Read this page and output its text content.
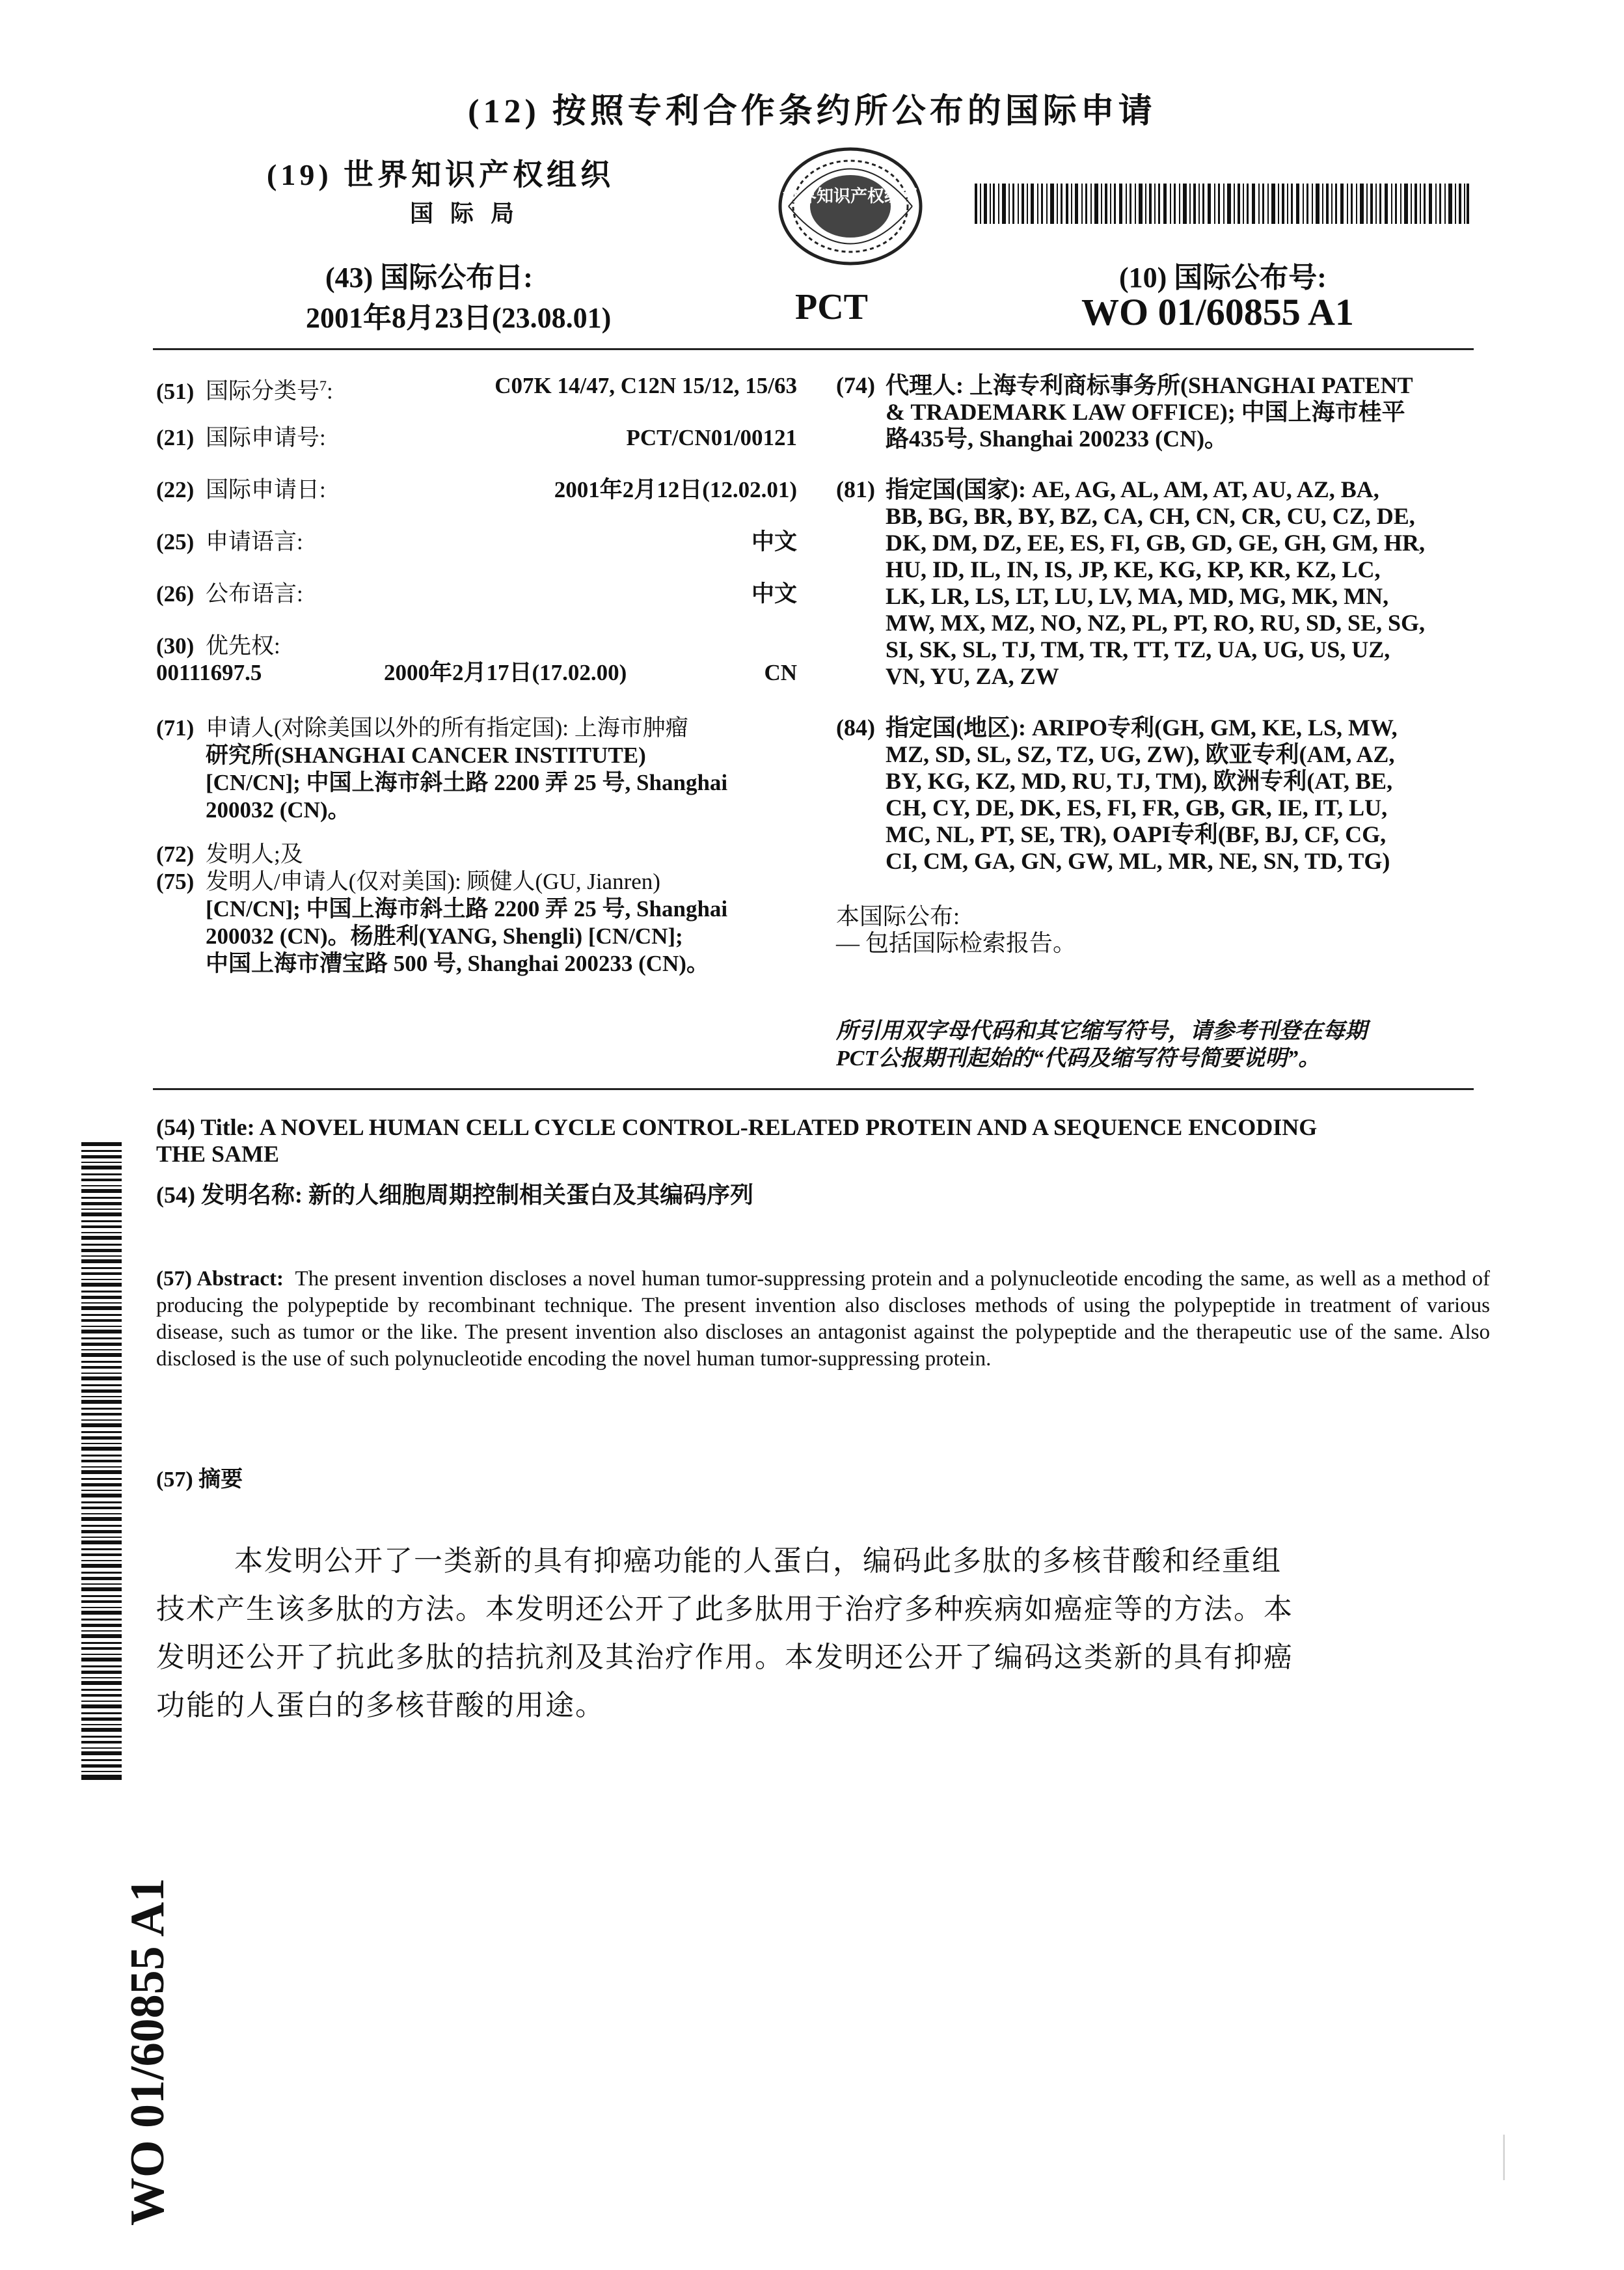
(12) 按照专利合作条约所公布的国际申请
(19) 世界知识产权组织
国际局
世界知识产权组织
(43) 国际公布日:
2001年8月23日(23.08.01)	PCT
(10) 国际公布号:
WO 01/60855 A1
(51) 国际分类号$^7$:	C07K 14/47, C12N 15/12, 15/63
(21) 国际申请号:	PCT/CN01/00121
(22) 国际申请日:	2001年2月12日(12.02.01)
(25) 申请语言:	中文
(26) 公布语言:	中文
(30) 优先权:
00111697.5	2000年2月17日(17.02.00)	CN
(71) 申请人(对除美国以外的所有指定国): 上海市肿瘤
研究所(SHANGHAI CANCER INSTITUTE)
[CN/CN]; 中国上海市斜土路 2200 弄 25 号, Shanghai
200032 (CN)。
(72) 发明人;及
(75) 发明人/申请人(仅对美国): 顾健人(GU, Jianren)
[CN/CN]; 中国上海市斜土路 2200 弄 25 号, Shanghai
200032 (CN)。杨胜利(YANG, Shengli) [CN/CN];
中国上海市漕宝路 500 号, Shanghai 200233 (CN)。
(74) 代理人: 上海专利商标事务所(SHANGHAI PATENT
& TRADEMARK LAW OFFICE); 中国上海市桂平
路435号, Shanghai 200233 (CN)。
(81) 指定国(国家): AE, AG, AL, AM, AT, AU, AZ, BA,
BB, BG, BR, BY, BZ, CA, CH, CN, CR, CU, CZ, DE,
DK, DM, DZ, EE, ES, FI, GB, GD, GE, GH, GM, HR,
HU, ID, IL, IN, IS, JP, KE, KG, KP, KR, KZ, LC,
LK, LR, LS, LT, LU, LV, MA, MD, MG, MK, MN,
MW, MX, MZ, NO, NZ, PL, PT, RO, RU, SD, SE, SG,
SI, SK, SL, TJ, TM, TR, TT, TZ, UA, UG, US, UZ,
VN, YU, ZA, ZW
(84) 指定国(地区): ARIPO专利(GH, GM, KE, LS, MW,
MZ, SD, SL, SZ, TZ, UG, ZW), 欧亚专利(AM, AZ,
BY, KG, KZ, MD, RU, TJ, TM), 欧洲专利(AT, BE,
CH, CY, DE, DK, ES, FI, FR, GB, GR, IE, IT, LU,
MC, NL, PT, SE, TR), OAPI专利(BF, BJ, CF, CG,
CI, CM, GA, GN, GW, ML, MR, NE, SN, TD, TG)
本国际公布:
— 包括国际检索报告。
所引用双字母代码和其它缩写符号，请参考刊登在每期
PCT公报期刊起始的“代码及缩写符号简要说明”。
(54) Title: A NOVEL HUMAN CELL CYCLE CONTROL-RELATED PROTEIN AND A SEQUENCE ENCODING
THE SAME
(54) 发明名称: 新的人细胞周期控制相关蛋白及其编码序列
(57) Abstract: The present invention discloses a novel human tumor-suppressing protein and a polynucleotide encoding the same, as well as a method of producing the polypeptide by recombinant technique. The present invention also discloses methods of using the polypeptide in treatment of various disease, such as tumor or the like. The present invention also discloses an antagonist against the polypeptide and the therapeutic use of the same. Also disclosed is the use of such polynucleotide encoding the novel human tumor-suppressing protein.
(57) 摘要
本发明公开了一类新的具有抑癌功能的人蛋白，编码此多肽的多核苷酸和经重组
技术产生该多肽的方法。本发明还公开了此多肽用于治疗多种疾病如癌症等的方法。本
发明还公开了抗此多肽的拮抗剂及其治疗作用。本发明还公开了编码这类新的具有抑癌
功能的人蛋白的多核苷酸的用途。
WO 01/60855 A1
